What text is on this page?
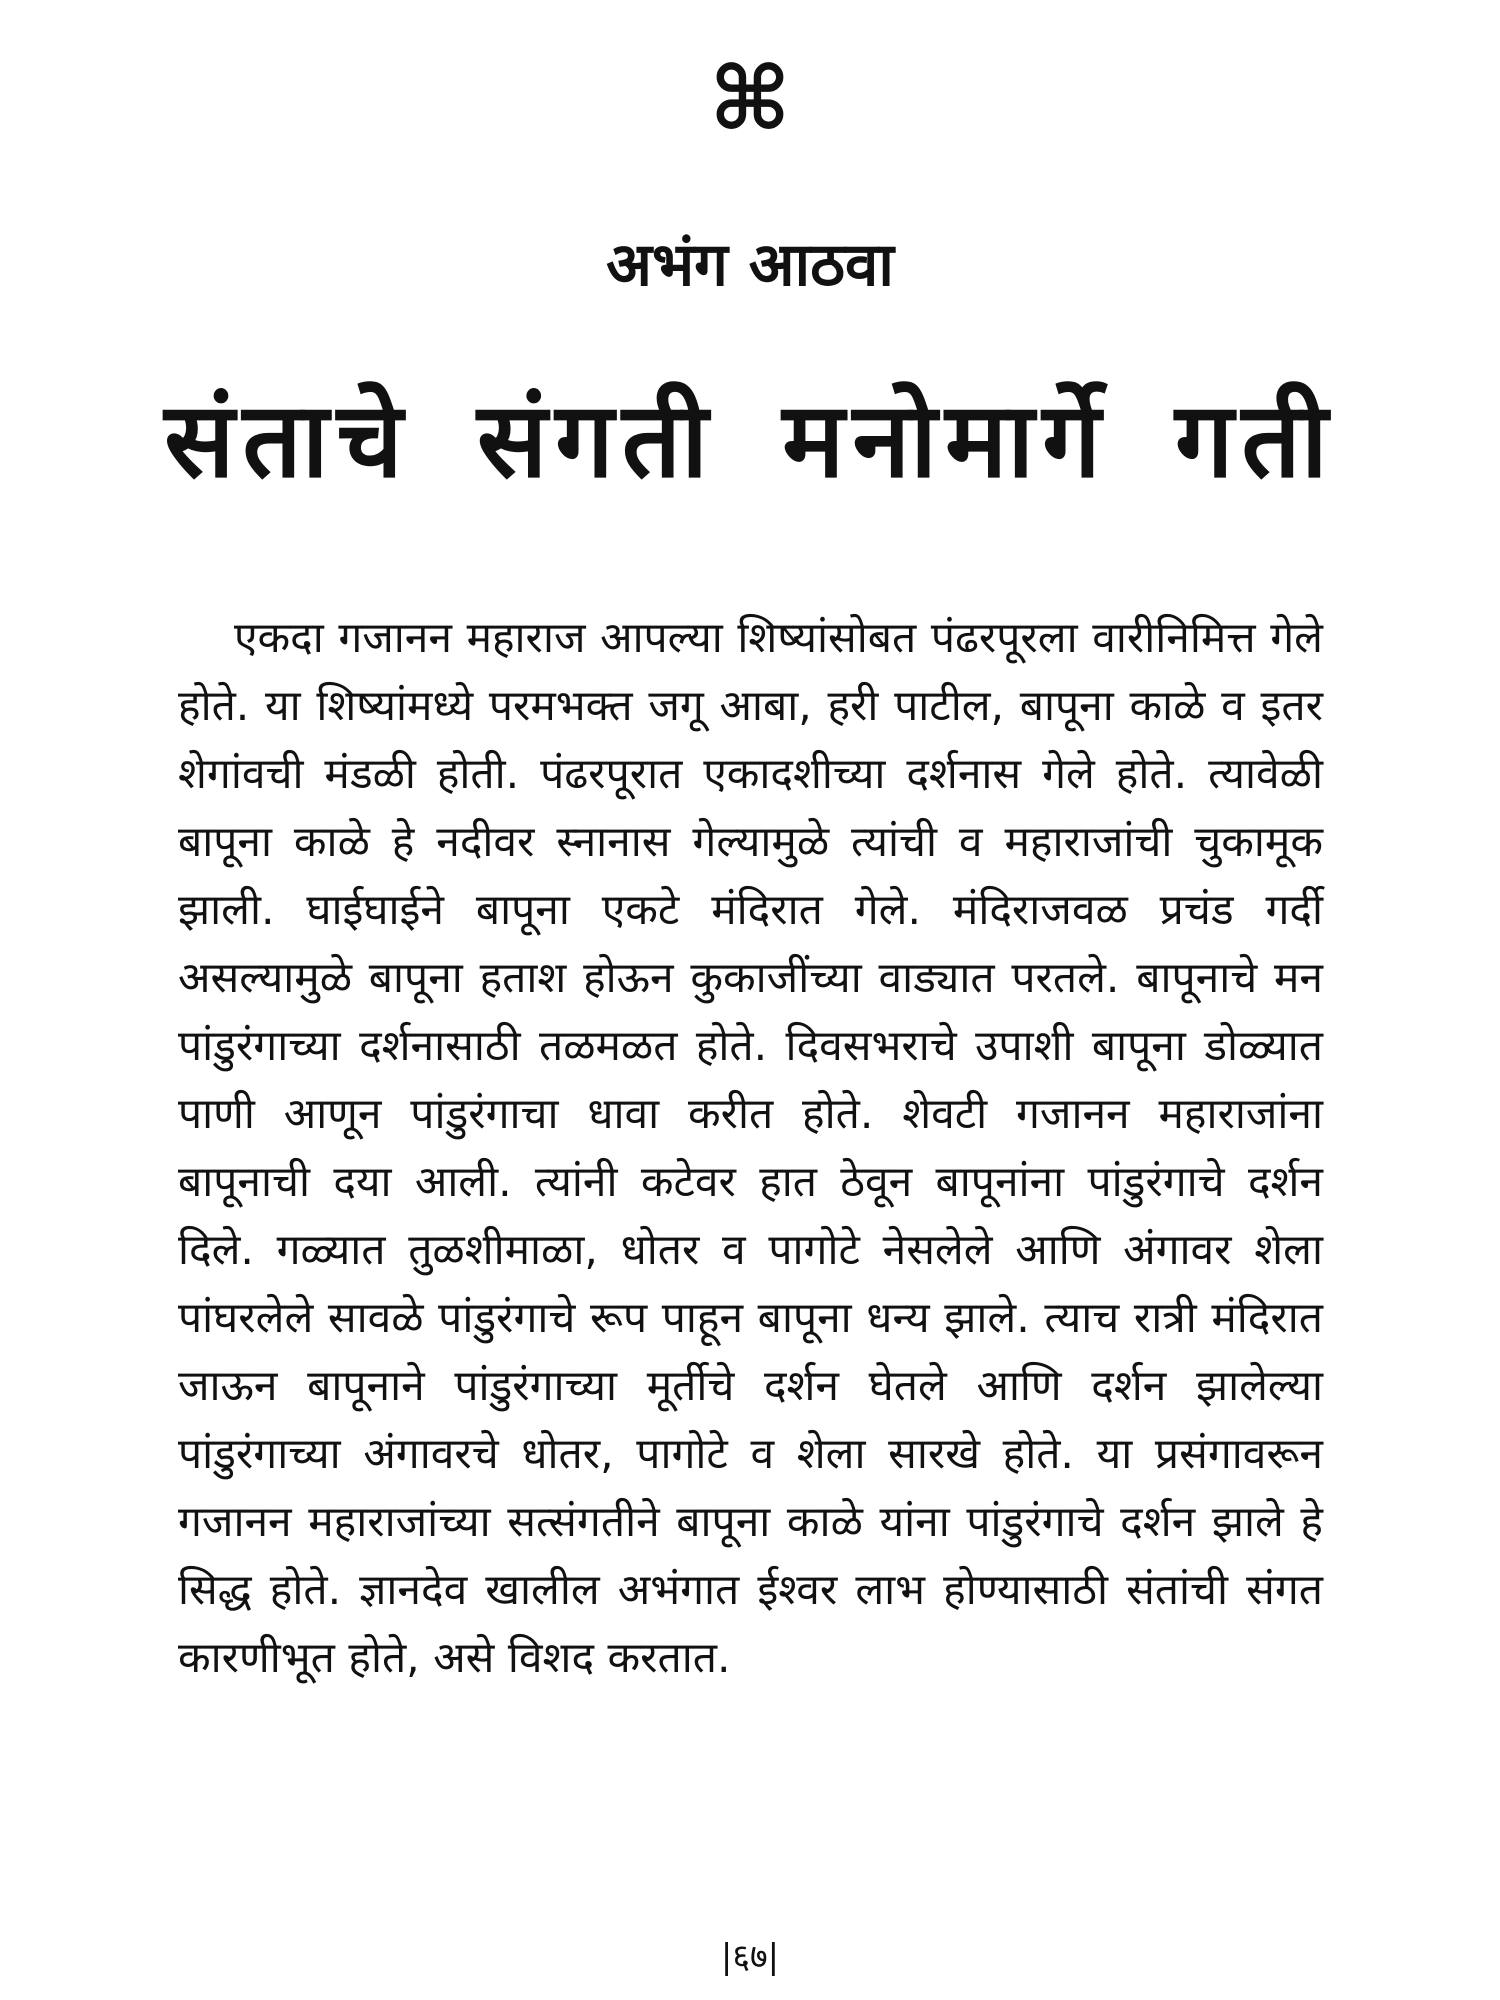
⌘
अभंग आठवा
संताचे संगती मनोमार्गे गती

एकदा गजानन महाराज आपल्या शिष्यांसोबत पंढरपूरला वारीनिमित्त गेले होते. या शिष्यांमध्ये परमभक्त जगू आबा, हरी पाटील, बापूना काळे व इतर शेगांवची मंडळी होती. पंढरपूरात एकादशीच्या दर्शनास गेले होते. त्यावेळी बापूना काळे हे नदीवर स्नानास गेल्यामुळे त्यांची व महाराजांची चुकामूक झाली. घाईघाईने बापूना एकटे मंदिरात गेले. मंदिराजवळ प्रचंड गर्दी असल्यामुळे बापूना हताश होऊन कुकाजींच्या वाड्यात परतले. बापूनाचे मन पांडुरंगाच्या दर्शनासाठी तळमळत होते. दिवसभराचे उपाशी बापूना डोळ्यात पाणी आणून पांडुरंगाचा धावा करीत होते. शेवटी गजानन महाराजांना बापूनाची दया आली. त्यांनी कटेवर हात ठेवून बापूनांना पांडुरंगाचे दर्शन दिले. गळ्यात तुळशीमाळा, धोतर व पागोटे नेसलेले आणि अंगावर शेला पांघरलेले सावळे पांडुरंगाचे रूप पाहून बापूना धन्य झाले. त्याच रात्री मंदिरात जाऊन बापूनाने पांडुरंगाच्या मूर्तीचे दर्शन घेतले आणि दर्शन झालेल्या पांडुरंगाच्या अंगावरचे धोतर, पागोटे व शेला सारखे होते. या प्रसंगावरून गजानन महाराजांच्या सत्संगतीने बापूना काळे यांना पांडुरंगाचे दर्शन झाले हे सिद्ध होते. ज्ञानदेव खालील अभंगात ईश्वर लाभ होण्यासाठी संतांची संगत कारणीभूत होते, असे विशद करतात.

|६७|
